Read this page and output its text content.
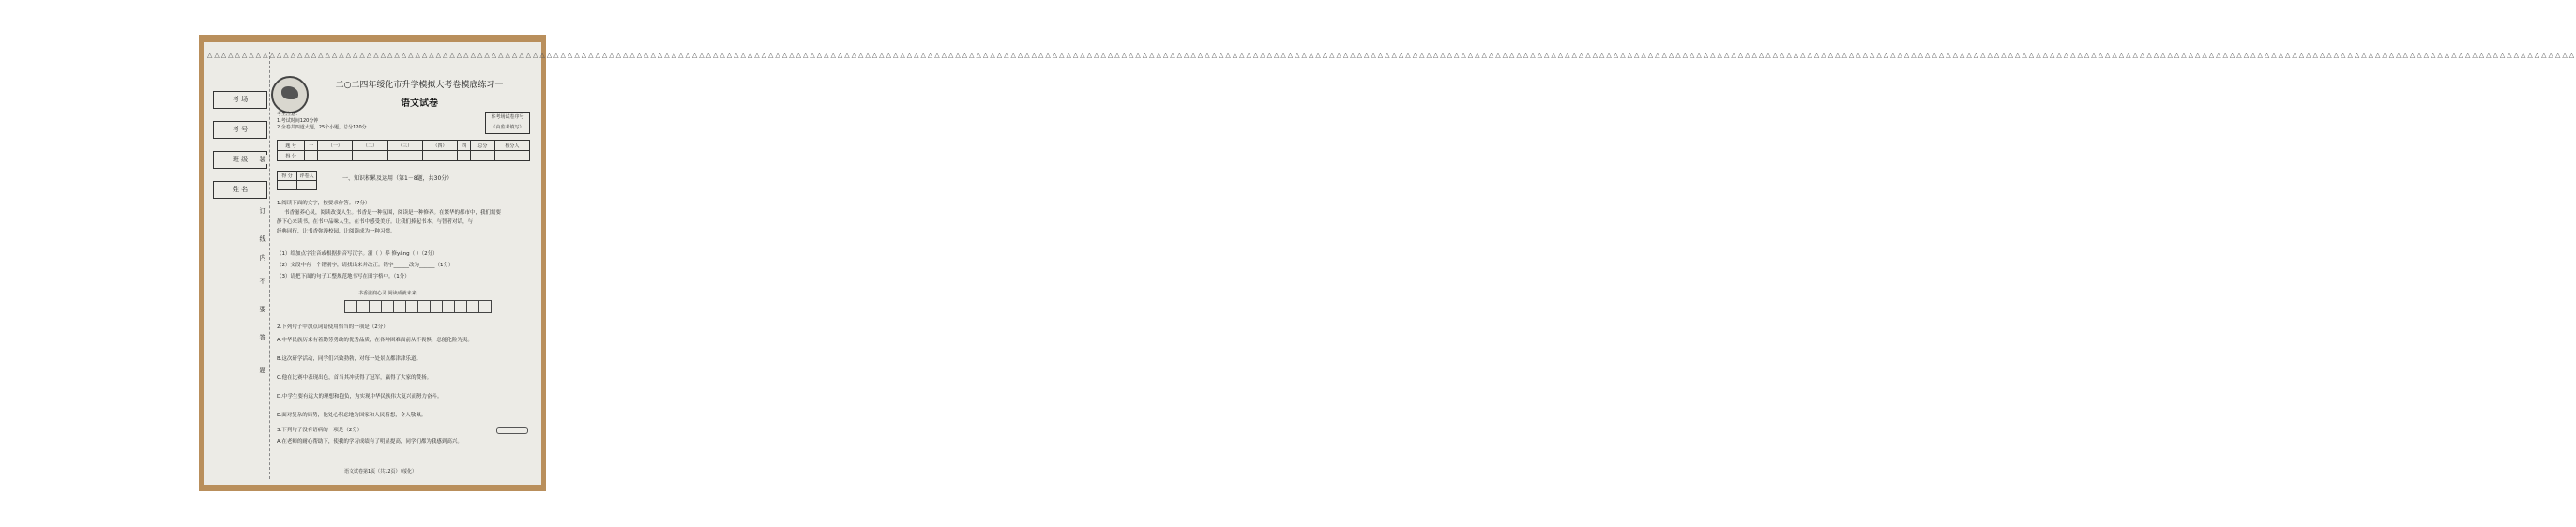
△△△△△△△△△△△△△△△△△△△△△△△△△△△△△△△△△△△△△△△△△△△△△△△△△△△△△△△△△△△△△△△△△△△△△△△△△△△△△△△△△△△△△△△△△△△△△△△△△△△△△△△△△△△△△△△△△△△△△△△△△△△△△△△△△△△△△△△△△△△△△△△△△△△△△△△△△△△△△△△△△△△△△△△△△△△△△△△△△△△△△△△△△△△△△△△△△△△△△△△△△△△△△△△△△△△△△△△△△△△△△△△△△△△△△△△△△△△△△△△△△△△△△△△△△△△△△△△△△△△△△△△△△△△△△△△△△△△△△△△△△△△△△△△△△△△△△△△△△△△△△△△△△△△△△△△△△△△△△△△△△△△△△△△△△△△△△△△△△△△△△△
考 场
考 号
班 级
姓 名
装
订
线
内
不
要
答
题
二○二四年绥化市升学模拟大考卷模底练习一
语文试卷
考生注意：
1.考试时间120分钟
2.全卷共四道大题，25个小题，总分120分
本考场试卷序号
（由监考填写）
题 号	一	（一）	（二）	（三）	（四）	四	总分	核分人
得 分								
得 分	评卷人
		一、知识积累及运用（第1－8题，共30分）
1.阅读下面的文字，按要求作答。（7分）
书香滋养心灵，阅读改变人生。书香是一种氛围，阅读是一种修养。在繁华的都市中，我们需要
静下心来读书，在书中品味人生，在书中感受美好。让我们捧起书本，与智者对话，与
经典同行，让书香弥漫校园，让阅读成为一种习惯。
（1）给加点字注音或根据拼音写汉字。滋（ ）养 修yǎng（ ）（2分）
（2）文段中有一个错别字，请找出来并改正。错字______改为______（1分）
（3）请把下面的句子工整规范地书写在田字格中。（1分）
书香滋润心灵 阅读成就未来
2.下列句子中加点词语使用恰当的一项是（2分）
A.中华民族历来有着勤劳勇敢的优秀品质，在各种困难面前从不畏惧，总能化险为夷。
B.这次研学活动，同学们兴致勃勃，对每一处景点都津津乐道。
C.他在比赛中表现出色，首当其冲获得了冠军，赢得了大家的赞扬。
D.中学生要有远大的理想和抱负，为实现中华民族伟大复兴而努力奋斗。
E.面对复杂的局势，他处心积虑地为国家和人民着想，令人敬佩。
3.下列句子没有语病的一项是（2分）
A.在老师的耐心帮助下，使我的学习成绩有了明显提高，同学们都为我感到高兴。
语文试卷第1页（共12页）（绥化）
